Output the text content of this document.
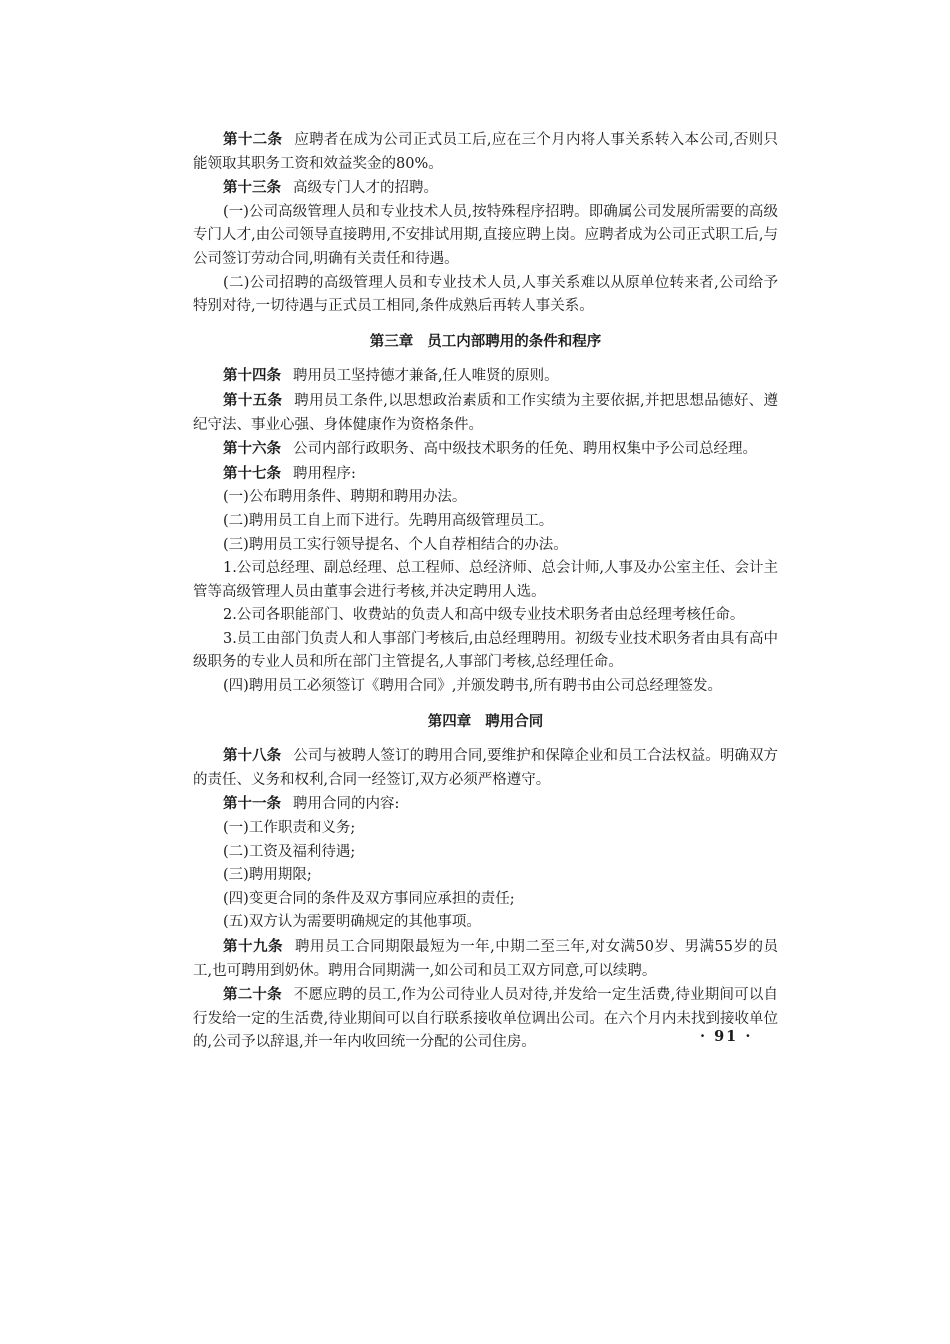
第十二条 应聘者在成为公司正式员工后,应在三个月内将人事关系转入本公司,否则只能领取其职务工资和效益奖金的80%。

第十三条 高级专门人才的招聘。

(一)公司高级管理人员和专业技术人员,按特殊程序招聘。即确属公司发展所需要的高级专门人才,由公司领导直接聘用,不安排试用期,直接应聘上岗。应聘者成为公司正式职工后,与公司签订劳动合同,明确有关责任和待遇。

(二)公司招聘的高级管理人员和专业技术人员,人事关系难以从原单位转来者,公司给予特别对待,一切待遇与正式员工相同,条件成熟后再转人事关系。

第三章 员工内部聘用的条件和程序

第十四条 聘用员工坚持德才兼备,任人唯贤的原则。

第十五条 聘用员工条件,以思想政治素质和工作实绩为主要依据,并把思想品德好、遵纪守法、事业心强、身体健康作为资格条件。

第十六条 公司内部行政职务、高中级技术职务的任免、聘用权集中予公司总经理。

第十七条 聘用程序:

(一)公布聘用条件、聘期和聘用办法。

(二)聘用员工自上而下进行。先聘用高级管理员工。

(三)聘用员工实行领导提名、个人自荐相结合的办法。

1.公司总经理、副总经理、总工程师、总经济师、总会计师,人事及办公室主任、会计主管等高级管理人员由董事会进行考核,并决定聘用人选。

2.公司各职能部门、收费站的负责人和高中级专业技术职务者由总经理考核任命。

3.员工由部门负责人和人事部门考核后,由总经理聘用。初级专业技术职务者由具有高中级职务的专业人员和所在部门主管提名,人事部门考核,总经理任命。

(四)聘用员工必须签订《聘用合同》,并颁发聘书,所有聘书由公司总经理签发。

第四章 聘用合同

第十八条 公司与被聘人签订的聘用合同,要维护和保障企业和员工合法权益。明确双方的责任、义务和权利,合同一经签订,双方必须严格遵守。

第十一条 聘用合同的内容:

(一)工作职责和义务;

(二)工资及福利待遇;

(三)聘用期限;

(四)变更合同的条件及双方事同应承担的责任;

(五)双方认为需要明确规定的其他事项。

第十九条 聘用员工合同期限最短为一年,中期二至三年,对女满50岁、男满55岁的员工,也可聘用到奶休。聘用合同期满一,如公司和员工双方同意,可以续聘。

第二十条 不愿应聘的员工,作为公司待业人员对待,并发给一定生活费,待业期间可以自行发给一定的生活费,待业期间可以自行联系接收单位调出公司。在六个月内未找到接收单位的,公司予以辞退,并一年内收回统一分配的公司住房。	· 91 ·
